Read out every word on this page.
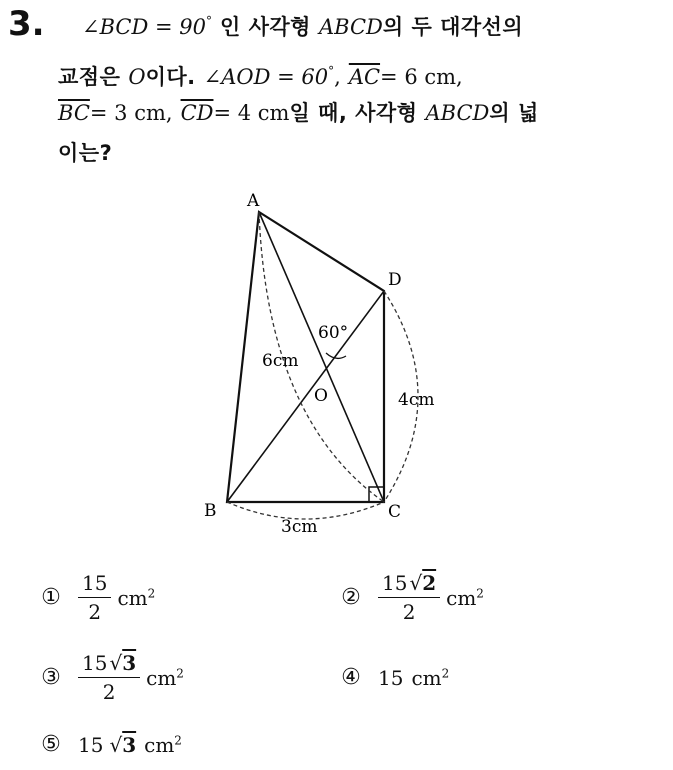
3. ∠BCD = 90° 인 사각형 ABCD의 두 대각선의
교점은 O이다. ∠AOD = 60°, $\overline{AC}= 6$ cm,
$\overline{BC}= 3$ cm, $\overline{CD}= 4$ cm일 때, 사각형 ABCD의 넓
이는?
A
D
B	C
O
60°
6cm
4cm
3cm
① $\frac{15}{2} cm^2$	② $\frac{15 √2}{2} cm^2$
③ $\frac{15 √3}{2} cm^2$	④ 15 $cm^2$
⑤ 15 √3 $cm^2$
